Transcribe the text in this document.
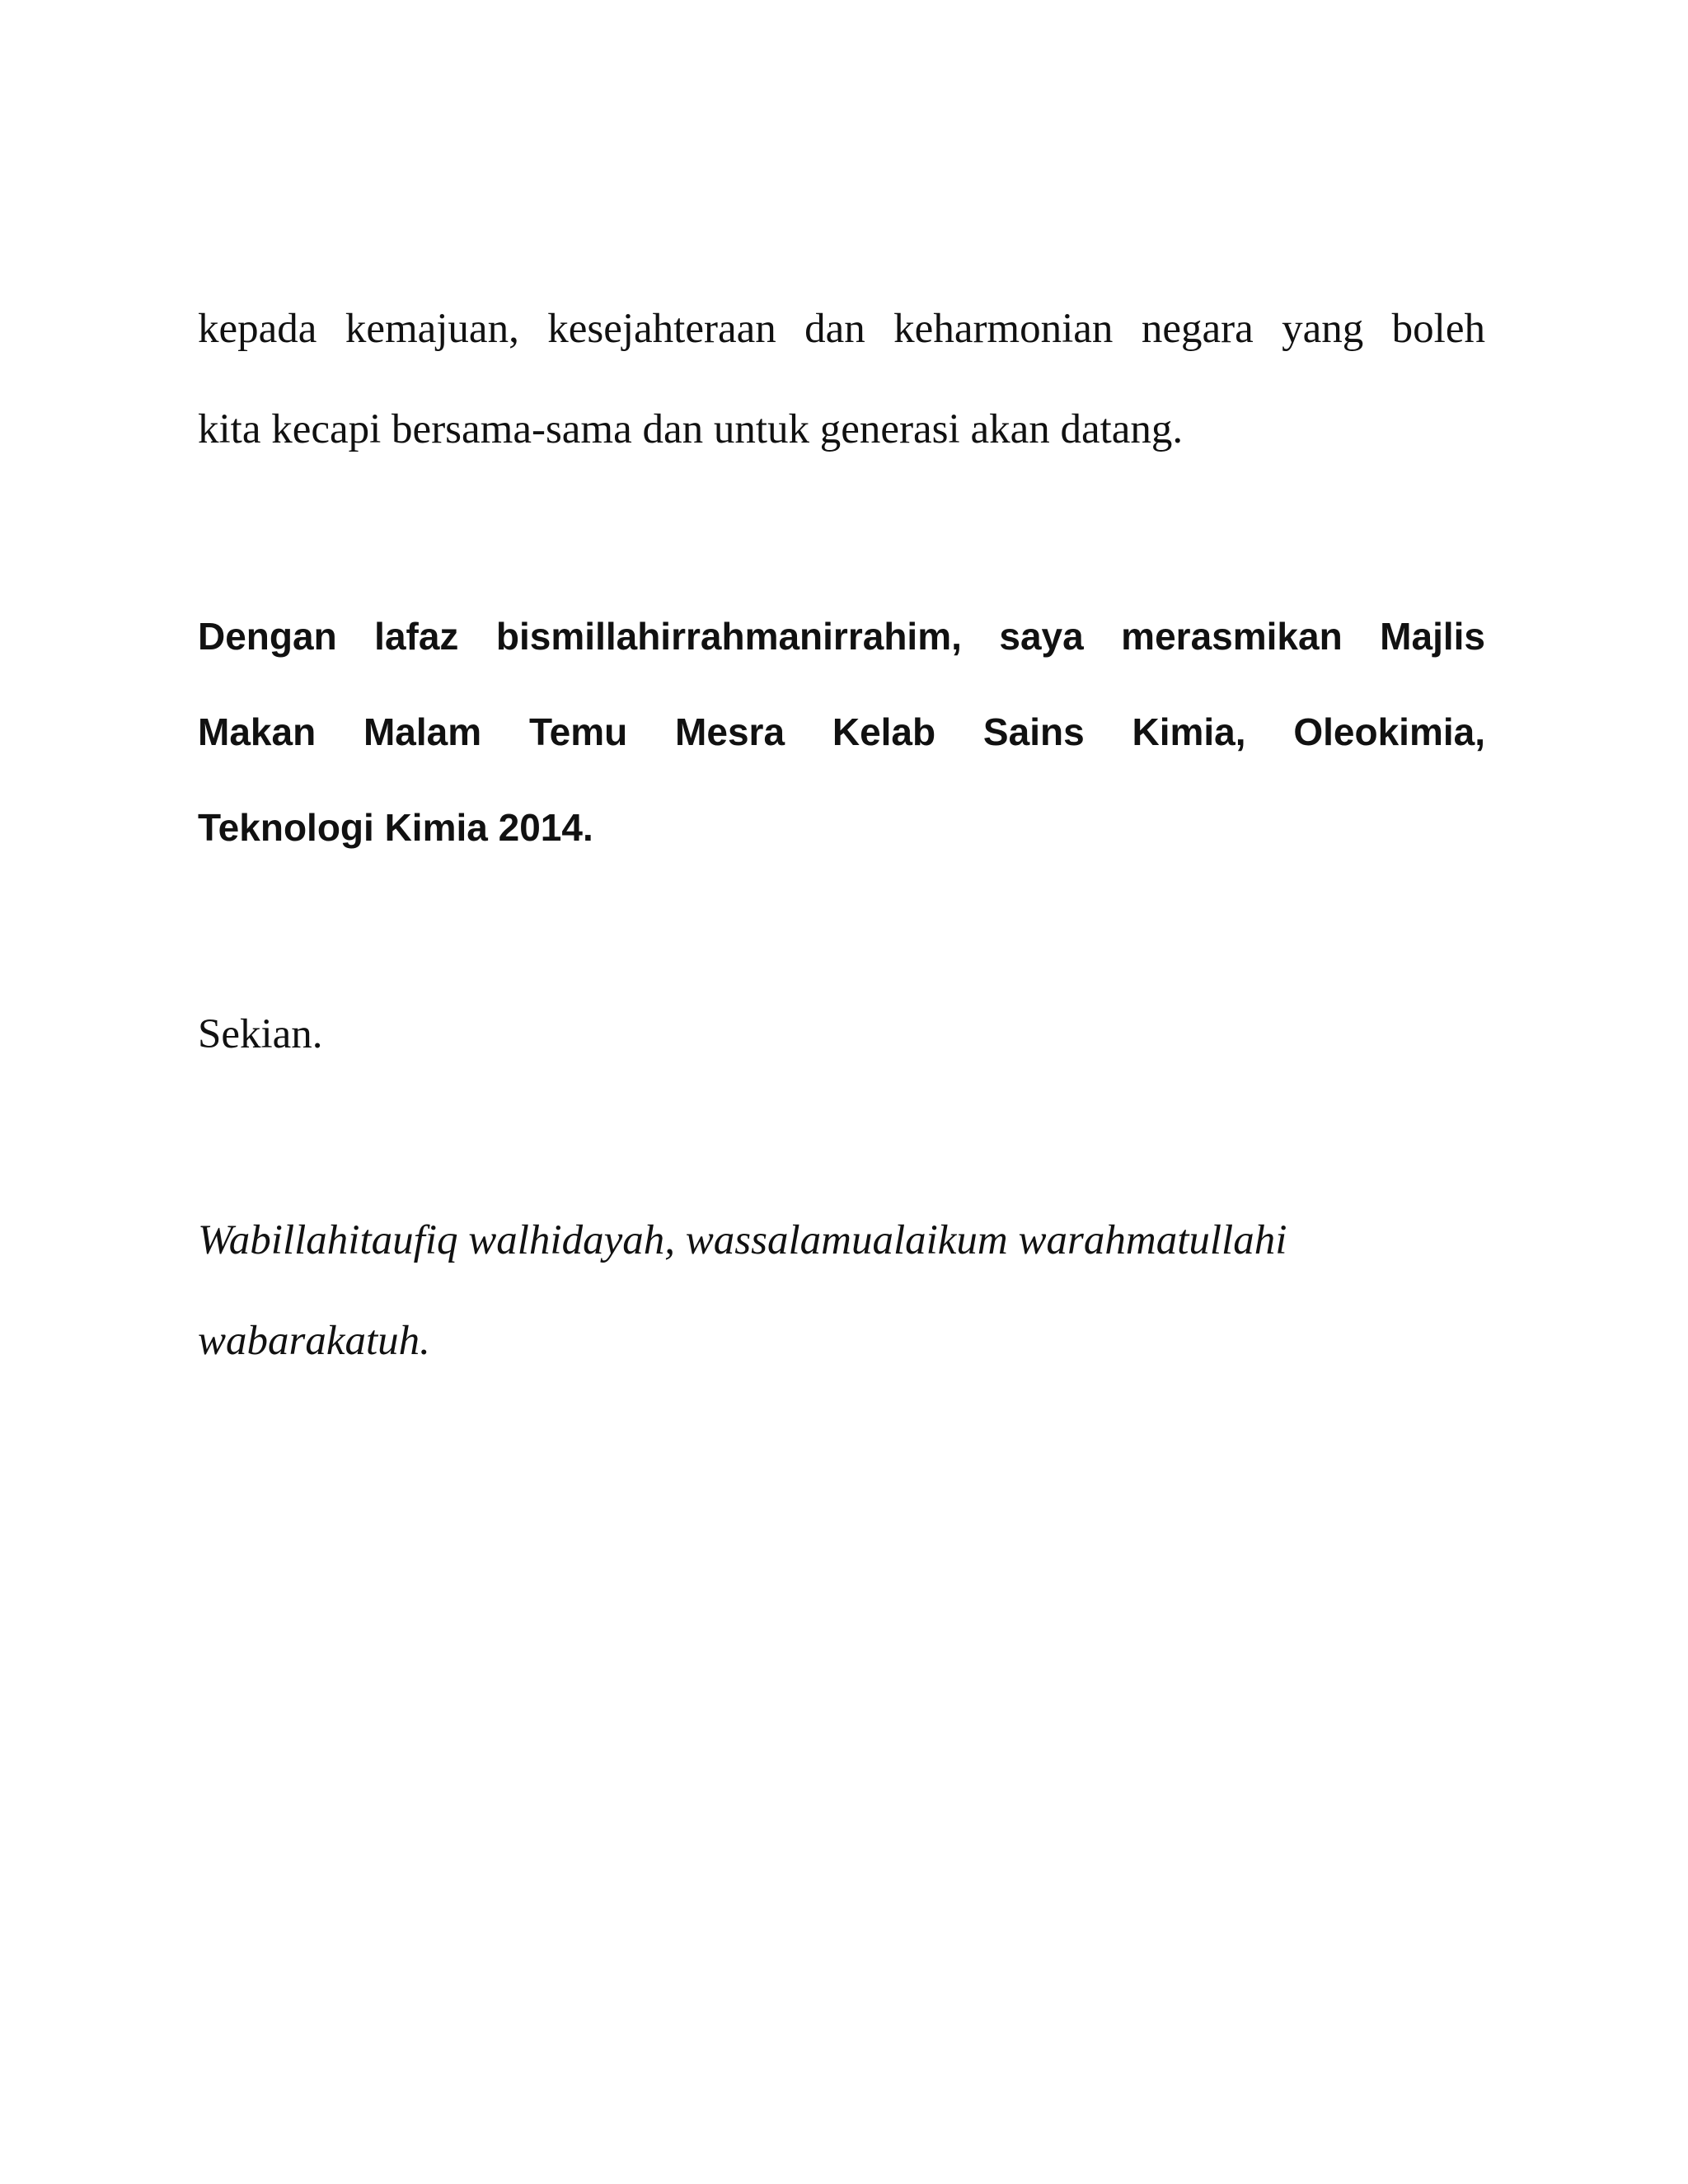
kepada kemajuan, kesejahteraan dan keharmonian negara yang boleh
kita kecapi bersama-sama dan untuk generasi akan datang.

Dengan lafaz bismillahirrahmanirrahim, saya merasmikan Majlis
Makan Malam Temu Mesra Kelab Sains Kimia, Oleokimia,
Teknologi Kimia 2014.

Sekian.

Wabillahitaufiq walhidayah, wassalamualaikum warahmatullahi
wabarakatuh.
